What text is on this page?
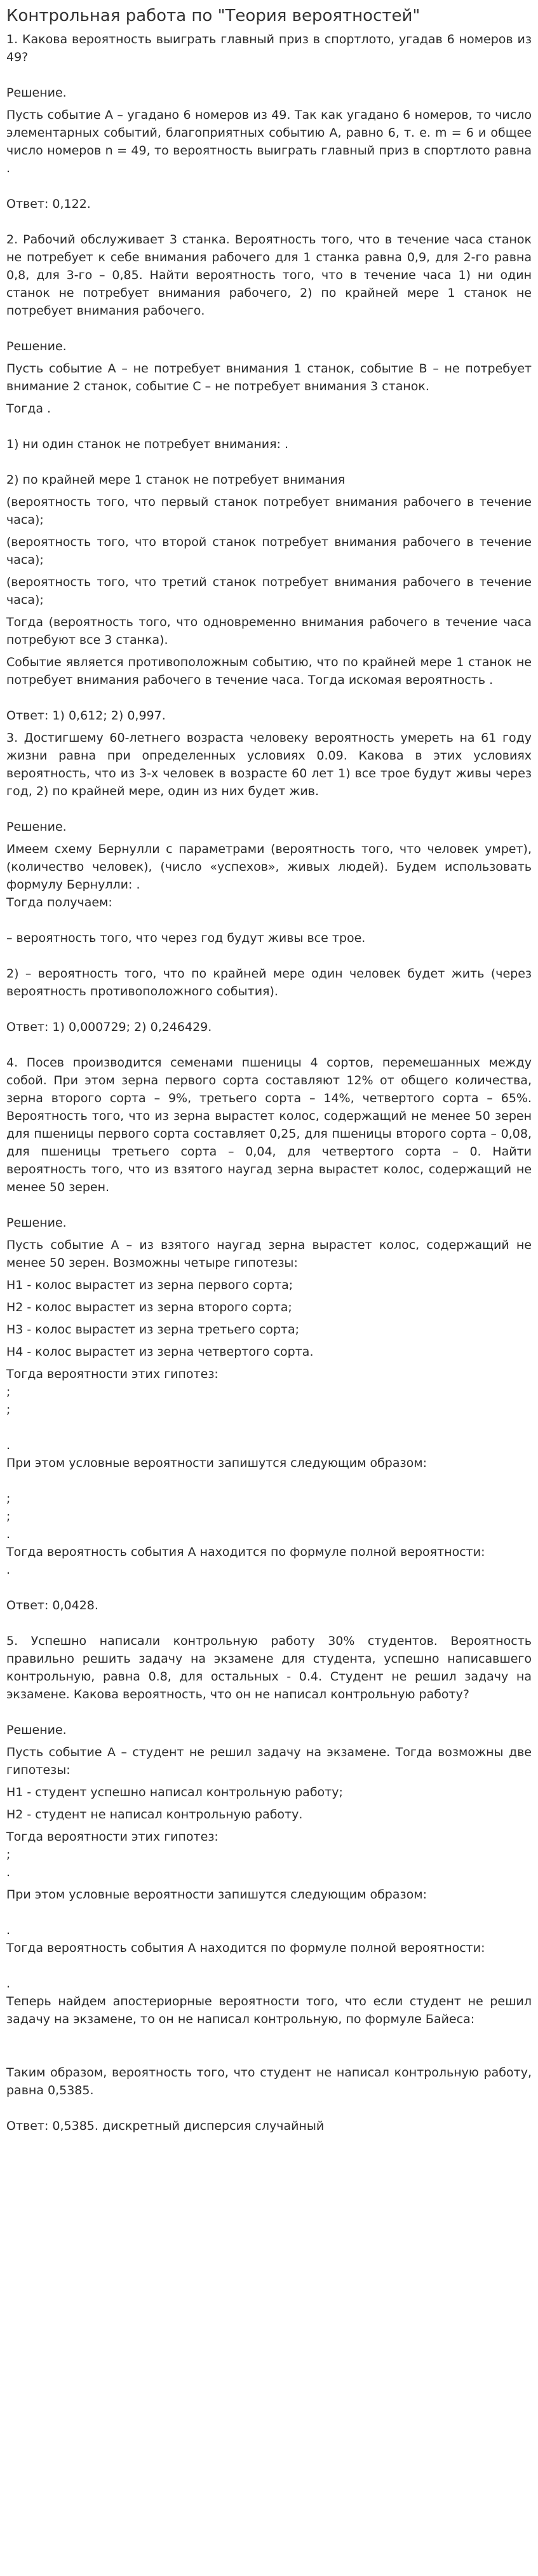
Контрольная работа по "Теория вероятностей"

1. Какова вероятность выиграть главный приз в спортлото, угадав 6 номеров из 49?

Решение.

Пусть событие А – угадано 6 номеров из 49. Так как угадано 6 номеров, то число элементарных событий, благоприятных событию А, равно 6, т. е. m = 6 и общее число номеров n = 49, то вероятность выиграть главный приз в спортлото равна .

Ответ: 0,122.

2. Рабочий обслуживает 3 станка. Вероятность того, что в течение часа станок не потребует к себе внимания рабочего для 1 станка равна 0,9, для 2-го равна 0,8, для 3-го – 0,85. Найти вероятность того, что в течение часа 1) ни один станок не потребует внимания рабочего, 2) по крайней мере 1 станок не потребует внимания рабочего.

Решение.

Пусть событие А – не потребует внимания 1 станок, событие В – не потребует внимание 2 станок, событие С – не потребует внимания 3 станок.

Тогда .

1) ни один станок не потребует внимания: .

2) по крайней мере 1 станок не потребует внимания

(вероятность того, что первый станок потребует внимания рабочего в течение часа);

(вероятность того, что второй станок потребует внимания рабочего в течение часа);

(вероятность того, что третий станок потребует внимания рабочего в течение часа);

Тогда (вероятность того, что одновременно внимания рабочего в течение часа потребуют все 3 станка).

Событие является противоположным событию, что по крайней мере 1 станок не потребует внимания рабочего в течение часа. Тогда искомая вероятность .

Ответ: 1) 0,612; 2) 0,997.

3. Достигшему 60-летнего возраста человеку вероятность умереть на 61 году жизни равна при определенных условиях 0.09. Какова в этих условиях вероятность, что из 3-х человек в возрасте 60 лет 1) все трое будут живы через год, 2) по крайней мере, один из них будет жив.

Решение.

Имеем схему Бернулли с параметрами (вероятность того, что человек умрет), (количество человек), (число «успехов», живых людей). Будем использовать формулу Бернулли: .

Тогда получаем:

– вероятность того, что через год будут живы все трое.

2) – вероятность того, что по крайней мере один человек будет жить (через вероятность противоположного события).

Ответ: 1) 0,000729; 2) 0,246429.

4. Посев производится семенами пшеницы 4 сортов, перемешанных между собой. При этом зерна первого сорта составляют 12% от общего количества, зерна второго сорта – 9%, третьего сорта – 14%, четвертого сорта – 65%. Вероятность того, что из зерна вырастет колос, содержащий не менее 50 зерен для пшеницы первого сорта составляет 0,25, для пшеницы второго сорта – 0,08, для пшеницы третьего сорта – 0,04, для четвертого сорта – 0. Найти вероятность того, что из взятого наугад зерна вырастет колос, содержащий не менее 50 зерен.

Решение.

Пусть событие А – из взятого наугад зерна вырастет колос, содержащий не менее 50 зерен. Возможны четыре гипотезы:

Н1 - колос вырастет из зерна первого сорта;

Н2 - колос вырастет из зерна второго сорта;

Н3 - колос вырастет из зерна третьего сорта;

Н4 - колос вырастет из зерна четвертого сорта.

Тогда вероятности этих гипотез:

;

;

.

При этом условные вероятности запишутся следующим образом:

;

;

.

Тогда вероятность события А находится по формуле полной вероятности:

.

Ответ: 0,0428.

5. Успешно написали контрольную работу 30% студентов. Вероятность правильно решить задачу на экзамене для студента, успешно написавшего контрольную, равна 0.8, для остальных - 0.4. Студент не решил задачу на экзамене. Какова вероятность, что он не написал контрольную работу?

Решение.

Пусть событие А – студент не решил задачу на экзамене. Тогда возможны две гипотезы:

Н1 - студент успешно написал контрольную работу;

Н2 - студент не написал контрольную работу.

Тогда вероятности этих гипотез:

;

.

При этом условные вероятности запишутся следующим образом:

.

Тогда вероятность события А находится по формуле полной вероятности:

.

Теперь найдем апостериорные вероятности того, что если студент не решил задачу на экзамене, то он не написал контрольную, по формуле Байеса:

Таким образом, вероятность того, что студент не написал контрольную работу, равна 0,5385.

Ответ: 0,5385. дискретный дисперсия случайный
